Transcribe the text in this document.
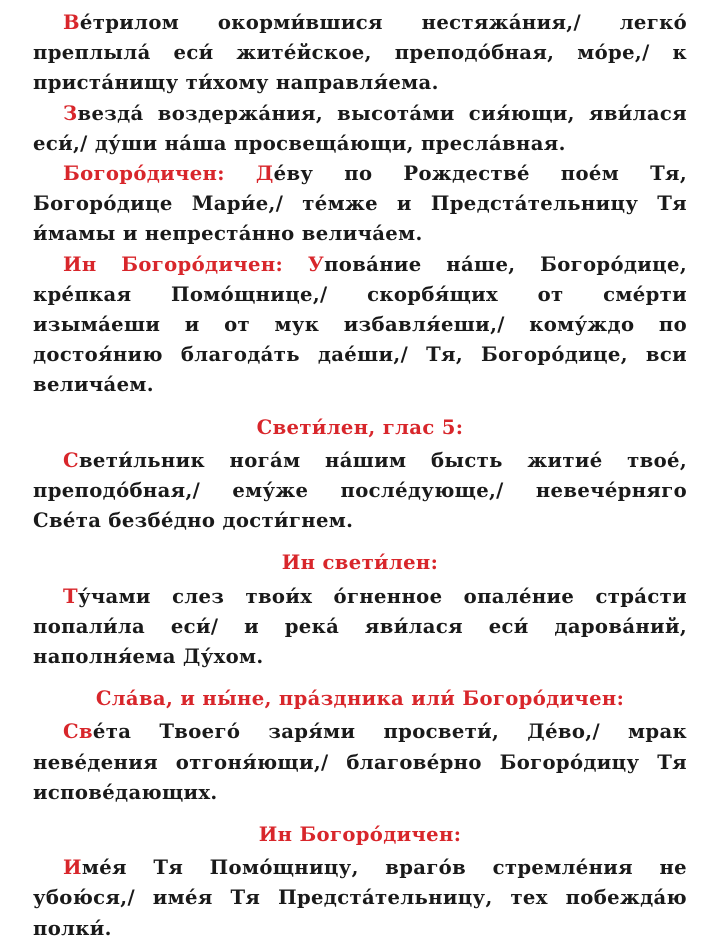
Ве́трилом окорми́вшися нестяжа́ния,/ легко́ преплыла́ еси́ жите́йское, преподо́бная, мо́ре,/ к приста́нищу ти́хому направля́ема.

Звезда́ воздержа́ния, высота́ми сия́ющи, яви́лася еси́,/ ду́ши на́ша просвеща́ющи, пресла́вная.

Богоро́дичен: Де́ву по Рождестве́ пое́м Тя, Богоро́дице Мари́е,/ те́мже и Предста́тельницу Тя и́мамы и непреста́нно велича́ем.

Ин Богоро́дичен: Упова́ние на́ше, Богоро́дице, кре́пкая Помо́щнице,/ скорбя́щих от сме́рти изыма́еши и от мук избавля́еши,/ кому́ждо по достоя́нию благода́ть дае́ши,/ Тя, Богоро́дице, вси велича́ем.

Свети́лен, глас 5:

Свети́льник нога́м на́шим бысть житие́ твое́, преподо́бная,/ ему́же после́дующе,/ невече́рняго Све́та безбе́дно дости́гнем.

Ин свети́лен:

Ту́чами слез твои́х о́гненное опале́ние стра́сти попали́ла еси́/ и река́ яви́лася еси́ дарова́ний, наполня́ема Ду́хом.

Сла́ва, и ны́не, пра́здника или́ Богоро́дичен:

Све́та Твоего́ заря́ми просвети́, Де́во,/ мрак неве́дения отгоня́ющи,/ благове́рно Богоро́дицу Тя испове́дающих.

Ин Богоро́дичен:

Име́я Тя Помо́щницу, враго́в стремле́ния не убою́ся,/ име́я Тя Предста́тельницу, тех побежда́ю полки́.
